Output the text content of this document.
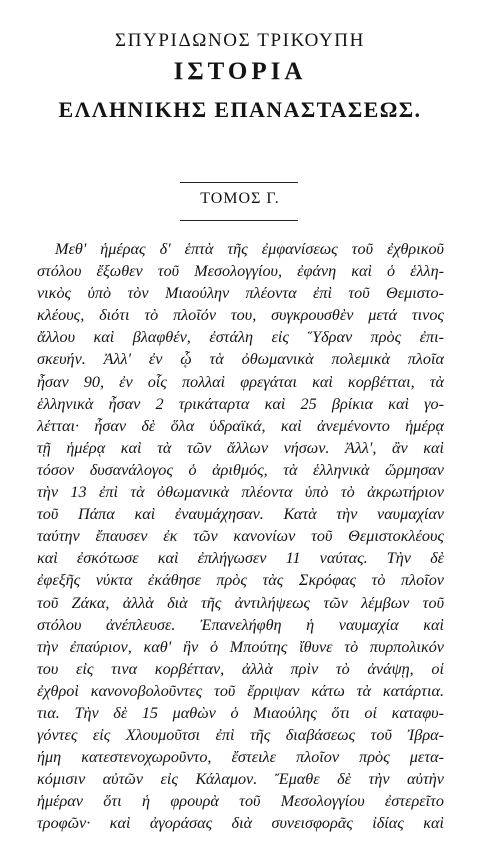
ΣΠΥΡΙΔΩΝΟΣ ΤΡΙΚΟΥΠΗ
ΙΣΤΟΡΙΑ
ΕΛΛΗΝΙΚΗΣ ΕΠΑΝΑΣΤΑΣΕΩΣ.
ΤΟΜΟΣ Γ.
Μεθ' ἡμέρας δ' ἑπτὰ τῆς ἐμφανίσεως τοῦ ἐχθρικοῦ
στόλου ἔξωθεν τοῦ Μεσολογγίου, ἐφάνη καὶ ὁ ἑλλη-
νικὸς ὑπὸ τὸν Μιαούλην πλέοντα ἐπὶ τοῦ Θεμιστο-
κλέους, διότι τὸ πλοῖόν του, συγκρουσθὲν μετά τινος
ἄλλου καὶ βλαφθέν, ἐστάλη εἰς Ὕδραν πρὸς ἐπι-
σκευήν. Ἀλλ' ἐν ᾧ τὰ ὀθωμανικὰ πολεμικὰ πλοῖα
ἦσαν 90, ἐν οἷς πολλαὶ φρεγάται καὶ κορβέτται, τὰ
ἑλληνικὰ ἦσαν 2 τρικάταρτα καὶ 25 βρίκια καὶ γο-
λέτται· ἦσαν δὲ ὅλα ὑδραϊκά, καὶ ἀνεμένοντο ἡμέρᾳ
τῇ ἡμέρᾳ καὶ τὰ τῶν ἄλλων νήσων. Ἀλλ', ἂν καὶ
τόσον δυσανάλογος ὁ ἀριθμός, τὰ ἑλληνικὰ ὥρμησαν
τὴν 13 ἐπὶ τὰ ὀθωμανικὰ πλέοντα ὑπὸ τὸ ἀκρωτήριον
τοῦ Πάπα καὶ ἐναυμάχησαν. Κατὰ τὴν ναυμαχίαν
ταύτην ἔπαυσεν ἐκ τῶν κανονίων τοῦ Θεμιστοκλέους
καὶ ἐσκότωσε καὶ ἐπλήγωσεν 11 ναύτας. Τὴν δὲ
ἐφεξῆς νύκτα ἐκάθησε πρὸς τὰς Σκρόφας τὸ πλοῖον
τοῦ Ζάκα, ἀλλὰ διὰ τῆς ἀντιλήψεως τῶν λέμβων τοῦ
στόλου ἀνέπλευσε. Ἐπανελήφθη ἡ ναυμαχία καὶ
τὴν ἐπαύριον, καθ' ἣν ὁ Μπούτης ἴθυνε τὸ πυρπολικόν
του εἰς τινα κορβέτταν, ἀλλὰ πρὶν τὸ ἀνάψῃ, οἱ
ἐχθροὶ κανονοβολοῦντες τοῦ ἔρριψαν κάτω τὰ κατάρτια.
τια. Τὴν δὲ 15 μαθὼν ὁ Μιαούλης ὅτι οἱ καταφυ-
γόντες εἰς Χλουμοῦτσι ἐπὶ τῆς διαβάσεως τοῦ Ἰβρα-
ήμη κατεστενοχωροῦντο, ἔστειλε πλοῖον πρὸς μετα-
κόμισιν αὐτῶν εἰς Κάλαμον. Ἔμαθε δὲ τὴν αὐτὴν
ἡμέραν ὅτι ἡ φρουρὰ τοῦ Μεσολογγίου ἐστερεῖτο
τροφῶν· καὶ ἀγοράσας διὰ συνεισφορᾶς ἰδίας καὶ
